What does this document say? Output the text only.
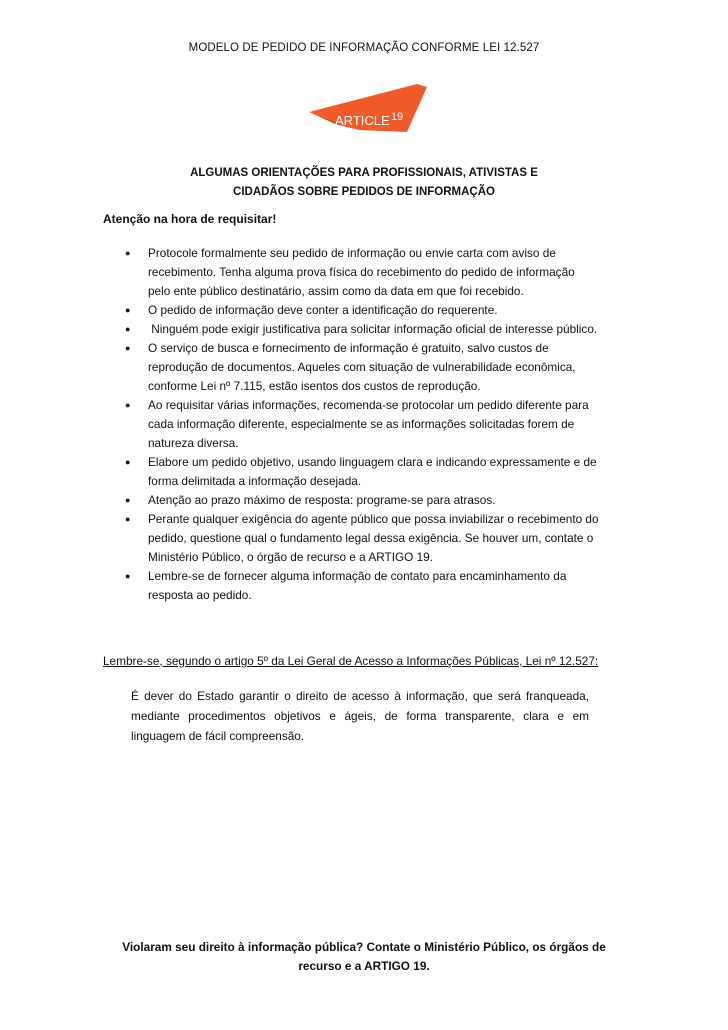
MODELO DE PEDIDO DE INFORMAÇÃO CONFORME LEI 12.527
ARTICLE 19
ALGUMAS ORIENTAÇÕES PARA PROFISSIONAIS, ATIVISTAS E
CIDADÃOS SOBRE PEDIDOS DE INFORMAÇÃO
Atenção na hora de requisitar!
● Protocole formalmente seu pedido de informação ou envie carta com aviso de
recebimento. Tenha alguma prova física do recebimento do pedido de informação
pelo ente público destinatário, assim como da data em que foi recebido.
● O pedido de informação deve conter a identificação do requerente.
● Ninguém pode exigir justificativa para solicitar informação oficial de interesse público.
● O serviço de busca e fornecimento de informação é gratuito, salvo custos de
reprodução de documentos. Aqueles com situação de vulnerabilidade econômica,
conforme Lei nº 7.115, estão isentos dos custos de reprodução.
● Ao requisitar várias informações, recomenda-se protocolar um pedido diferente para
cada informação diferente, especialmente se as informações solicitadas forem de
natureza diversa.
● Elabore um pedido objetivo, usando linguagem clara e indicando expressamente e de
forma delimitada a informação desejada.
● Atenção ao prazo máximo de resposta: programe-se para atrasos.
● Perante qualquer exigência do agente público que possa inviabilizar o recebimento do
pedido, questione qual o fundamento legal dessa exigência. Se houver um, contate o
Ministério Público, o órgão de recurso e a ARTIGO 19.
● Lembre-se de fornecer alguma informação de contato para encaminhamento da
resposta ao pedido.
Lembre-se, segundo o artigo 5º da Lei Geral de Acesso a Informações Públicas, Lei nº 12.527:
É dever do Estado garantir o direito de acesso à informação, que será franqueada, mediante procedimentos objetivos e ágeis, de forma transparente, clara e em linguagem de fácil compreensão.
Violaram seu direito à informação pública? Contate o Ministério Público, os órgãos de
recurso e a ARTIGO 19.
